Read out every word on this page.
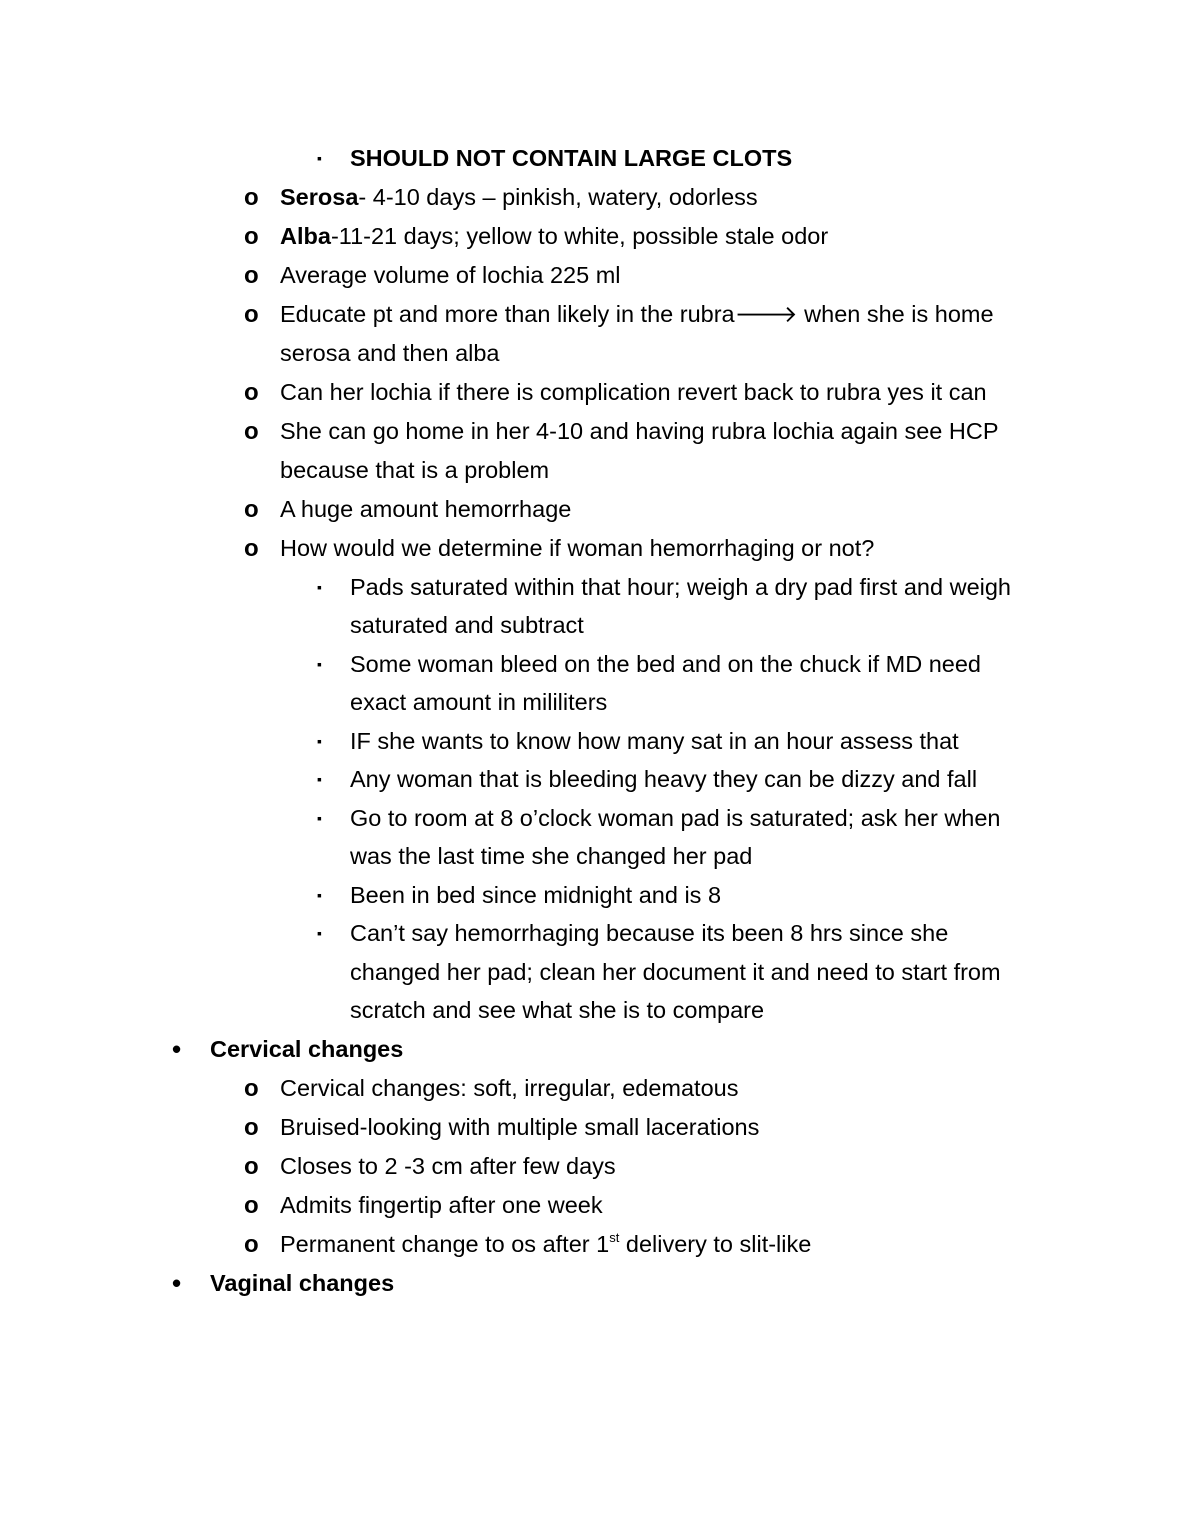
▪ SHOULD NOT CONTAIN LARGE CLOTS
o Serosa- 4-10 days – pinkish, watery, odorless
o Alba-11-21 days; yellow to white, possible stale odor
o Average volume of lochia 225 ml
o Educate pt and more than likely in the rubra🡒 when she is home serosa and then alba
o Can her lochia if there is complication revert back to rubra yes it can
o She can go home in her 4-10 and having rubra lochia again see HCP because that is a problem
o A huge amount hemorrhage
o How would we determine if woman hemorrhaging or not?
▪ Pads saturated within that hour; weigh a dry pad first and weigh saturated and subtract
▪ Some woman bleed on the bed and on the chuck if MD need exact amount in mililiters
▪ IF she wants to know how many sat in an hour assess that
▪ Any woman that is bleeding heavy they can be dizzy and fall
▪ Go to room at 8 o’clock woman pad is saturated; ask her when was the last time she changed her pad
▪ Been in bed since midnight and is 8
▪ Can’t say hemorrhaging because its been 8 hrs since she changed her pad; clean her document it and need to start from scratch and see what she is to compare
• Cervical changes
o Cervical changes: soft, irregular, edematous
o Bruised-looking with multiple small lacerations
o Closes to 2 -3 cm after few days
o Admits fingertip after one week
o Permanent change to os after 1st delivery to slit-like
• Vaginal changes
